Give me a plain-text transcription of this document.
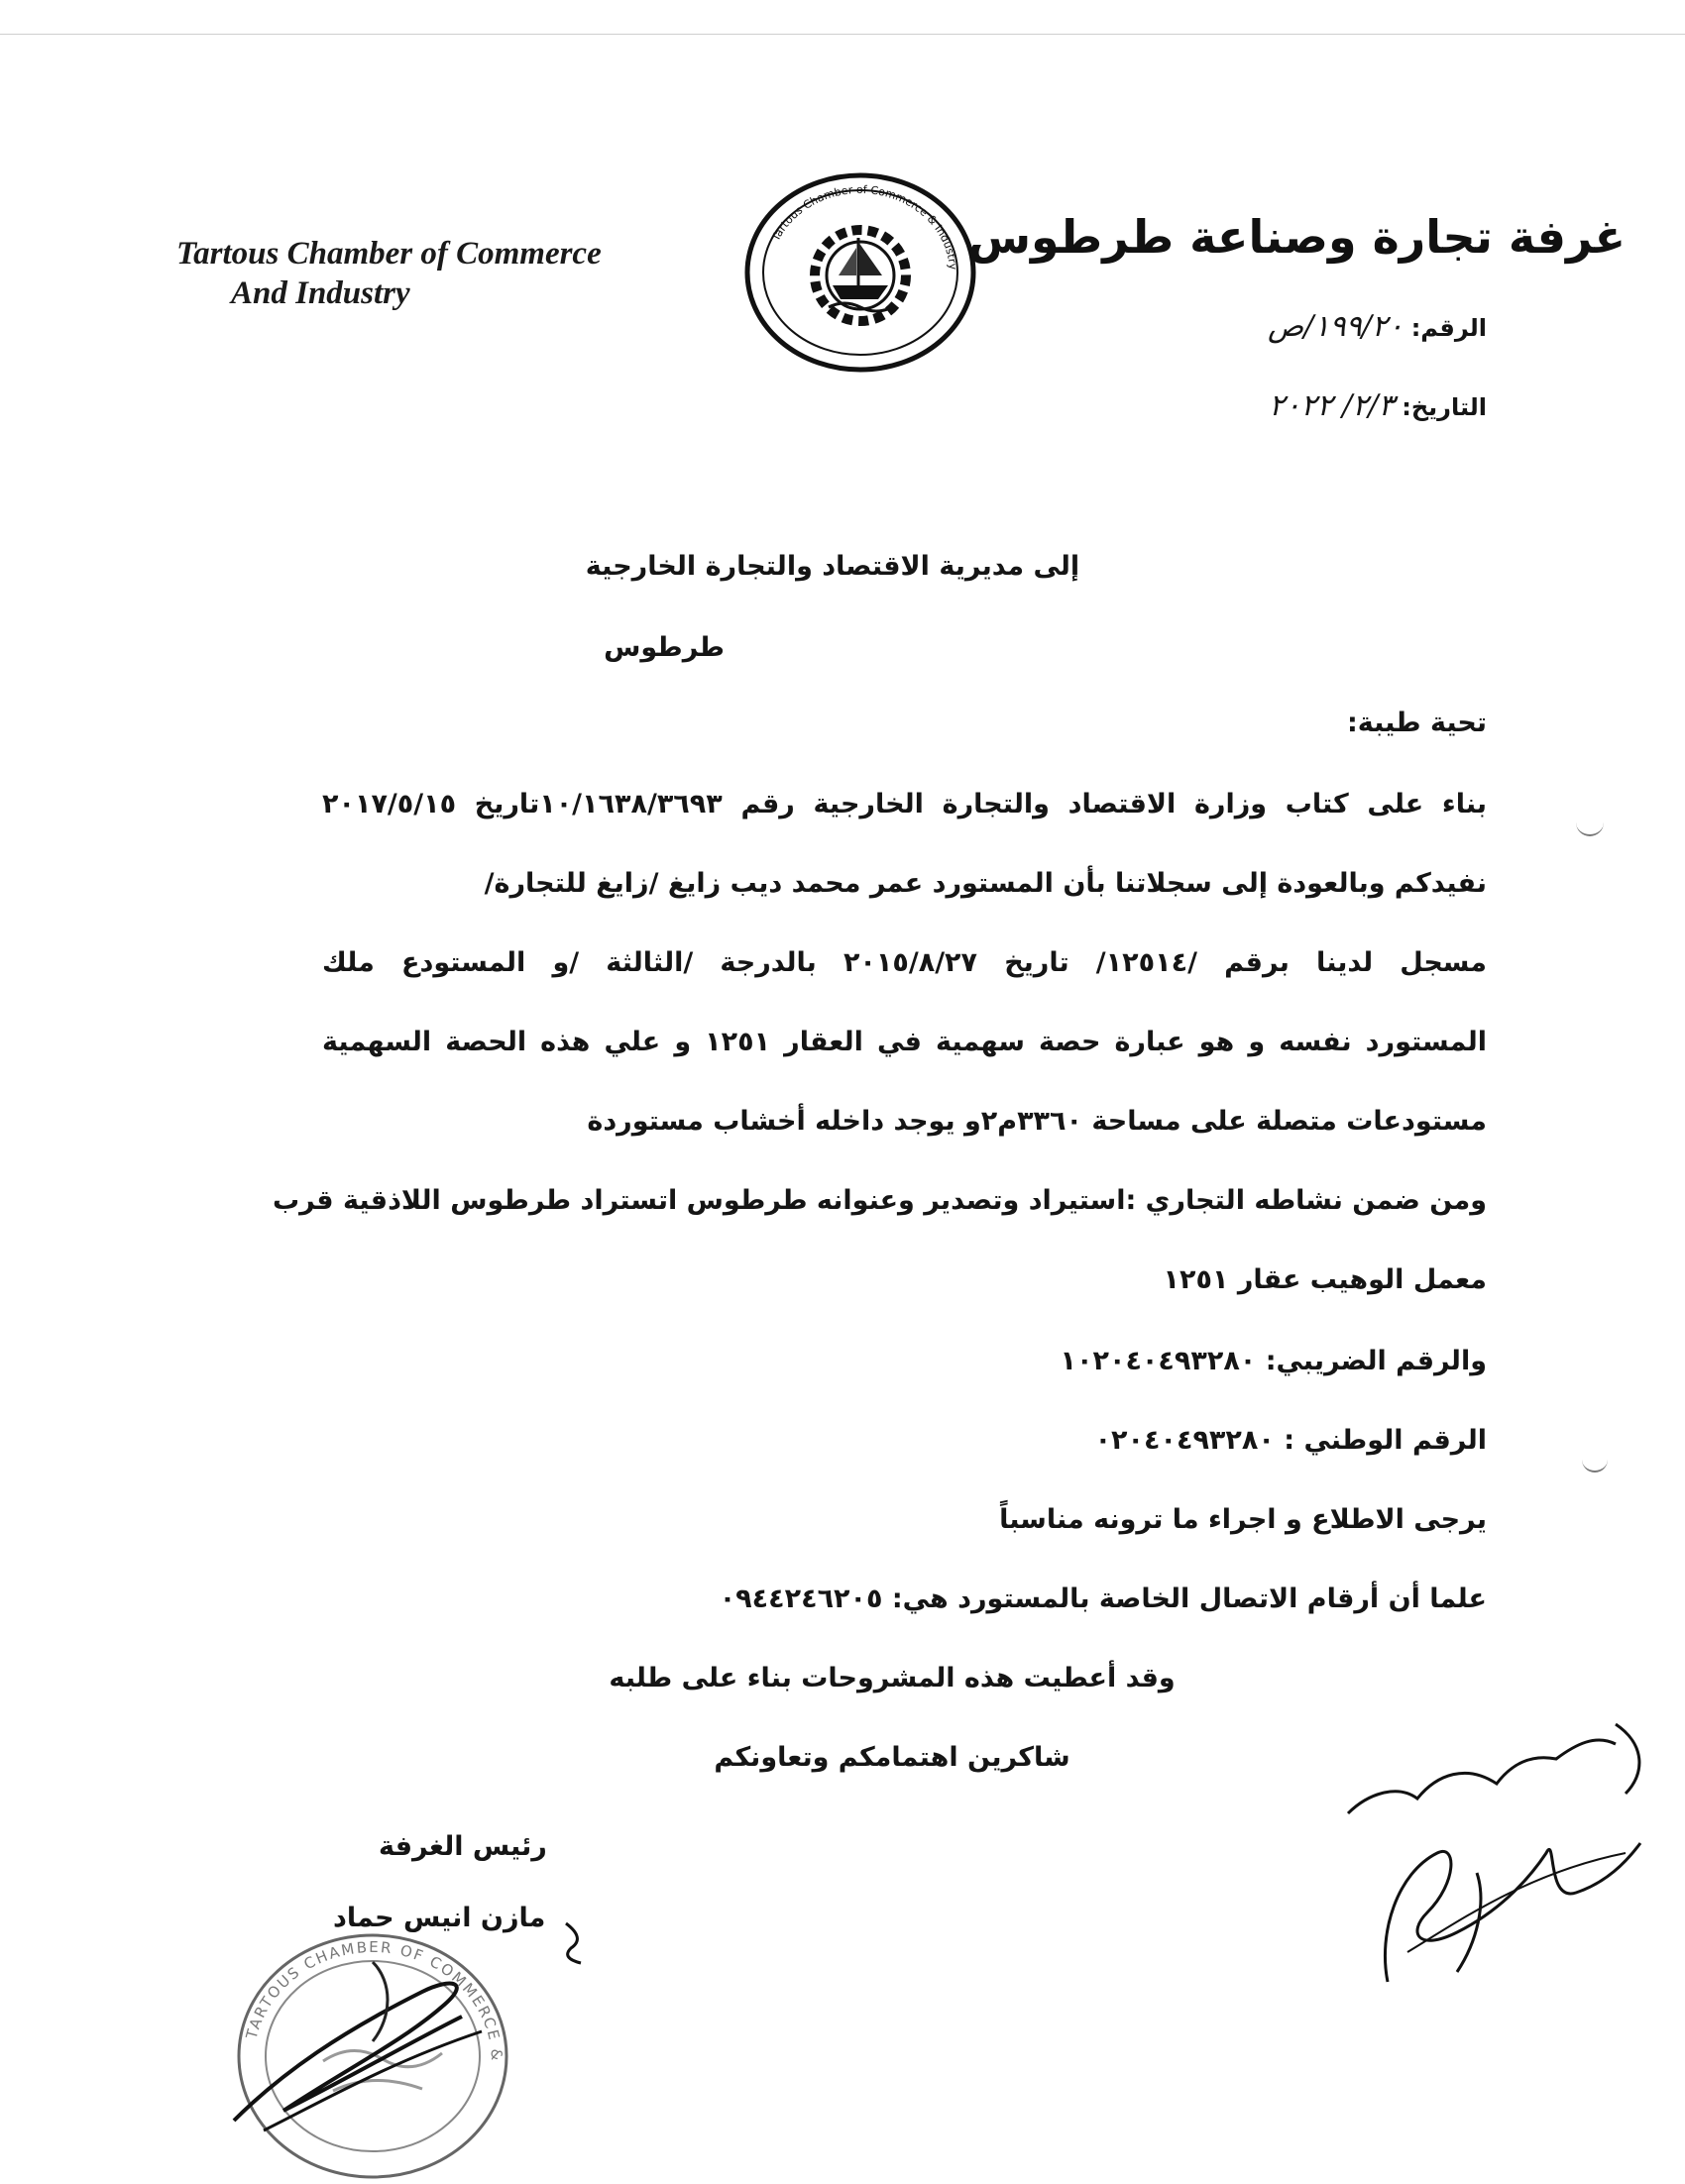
Tartous Chamber of Commerce
And Industry
Tartous Chamber of Commerce & Industry
غرفة تجارة وصناعة طرطوس
الرقم: ١٩٩/٢٠/ص
التاريخ: ٢/٣/ ٢٠٢٢
إلى مديرية الاقتصاد والتجارة الخارجية
طرطوس
تحية طيبة:
بناء على كتاب وزارة الاقتصاد والتجارة الخارجية رقم ١٠/١٦٣٨/٣٦٩٣تاريخ ٢٠١٧/٥/١٥
نفيدكم وبالعودة إلى سجلاتنا بأن المستورد عمر محمد ديب زايغ /زايغ للتجارة/
مسجل لدينا برقم /١٢٥١٤/ تاريخ ٢٠١٥/٨/٢٧ بالدرجة /الثالثة /و المستودع ملك
المستورد نفسه و هو عبارة حصة سهمية في العقار ١٢٥١ و علي هذه الحصة السهمية
مستودعات متصلة على مساحة ٣٣٦٠م٢و يوجد داخله أخشاب مستوردة
ومن ضمن نشاطه التجاري :استيراد وتصدير وعنوانه طرطوس اتستراد طرطوس اللاذقية قرب
معمل الوهيب عقار ١٢٥١
والرقم الضريبي: ١٠٢٠٤٠٤٩٣٢٨٠
الرقم الوطني : ٠٢٠٤٠٤٩٣٢٨٠
يرجى الاطلاع و اجراء ما ترونه مناسباً
علما أن أرقام الاتصال الخاصة بالمستورد هي: ٠٩٤٤٢٤٦٢٠٥
وقد أعطيت هذه المشروحات بناء على طلبه
شاكرين اهتمامكم وتعاونكم
رئيس الغرفة
مازن انيس حماد
TARTOUS CHAMBER OF COMMERCE &
